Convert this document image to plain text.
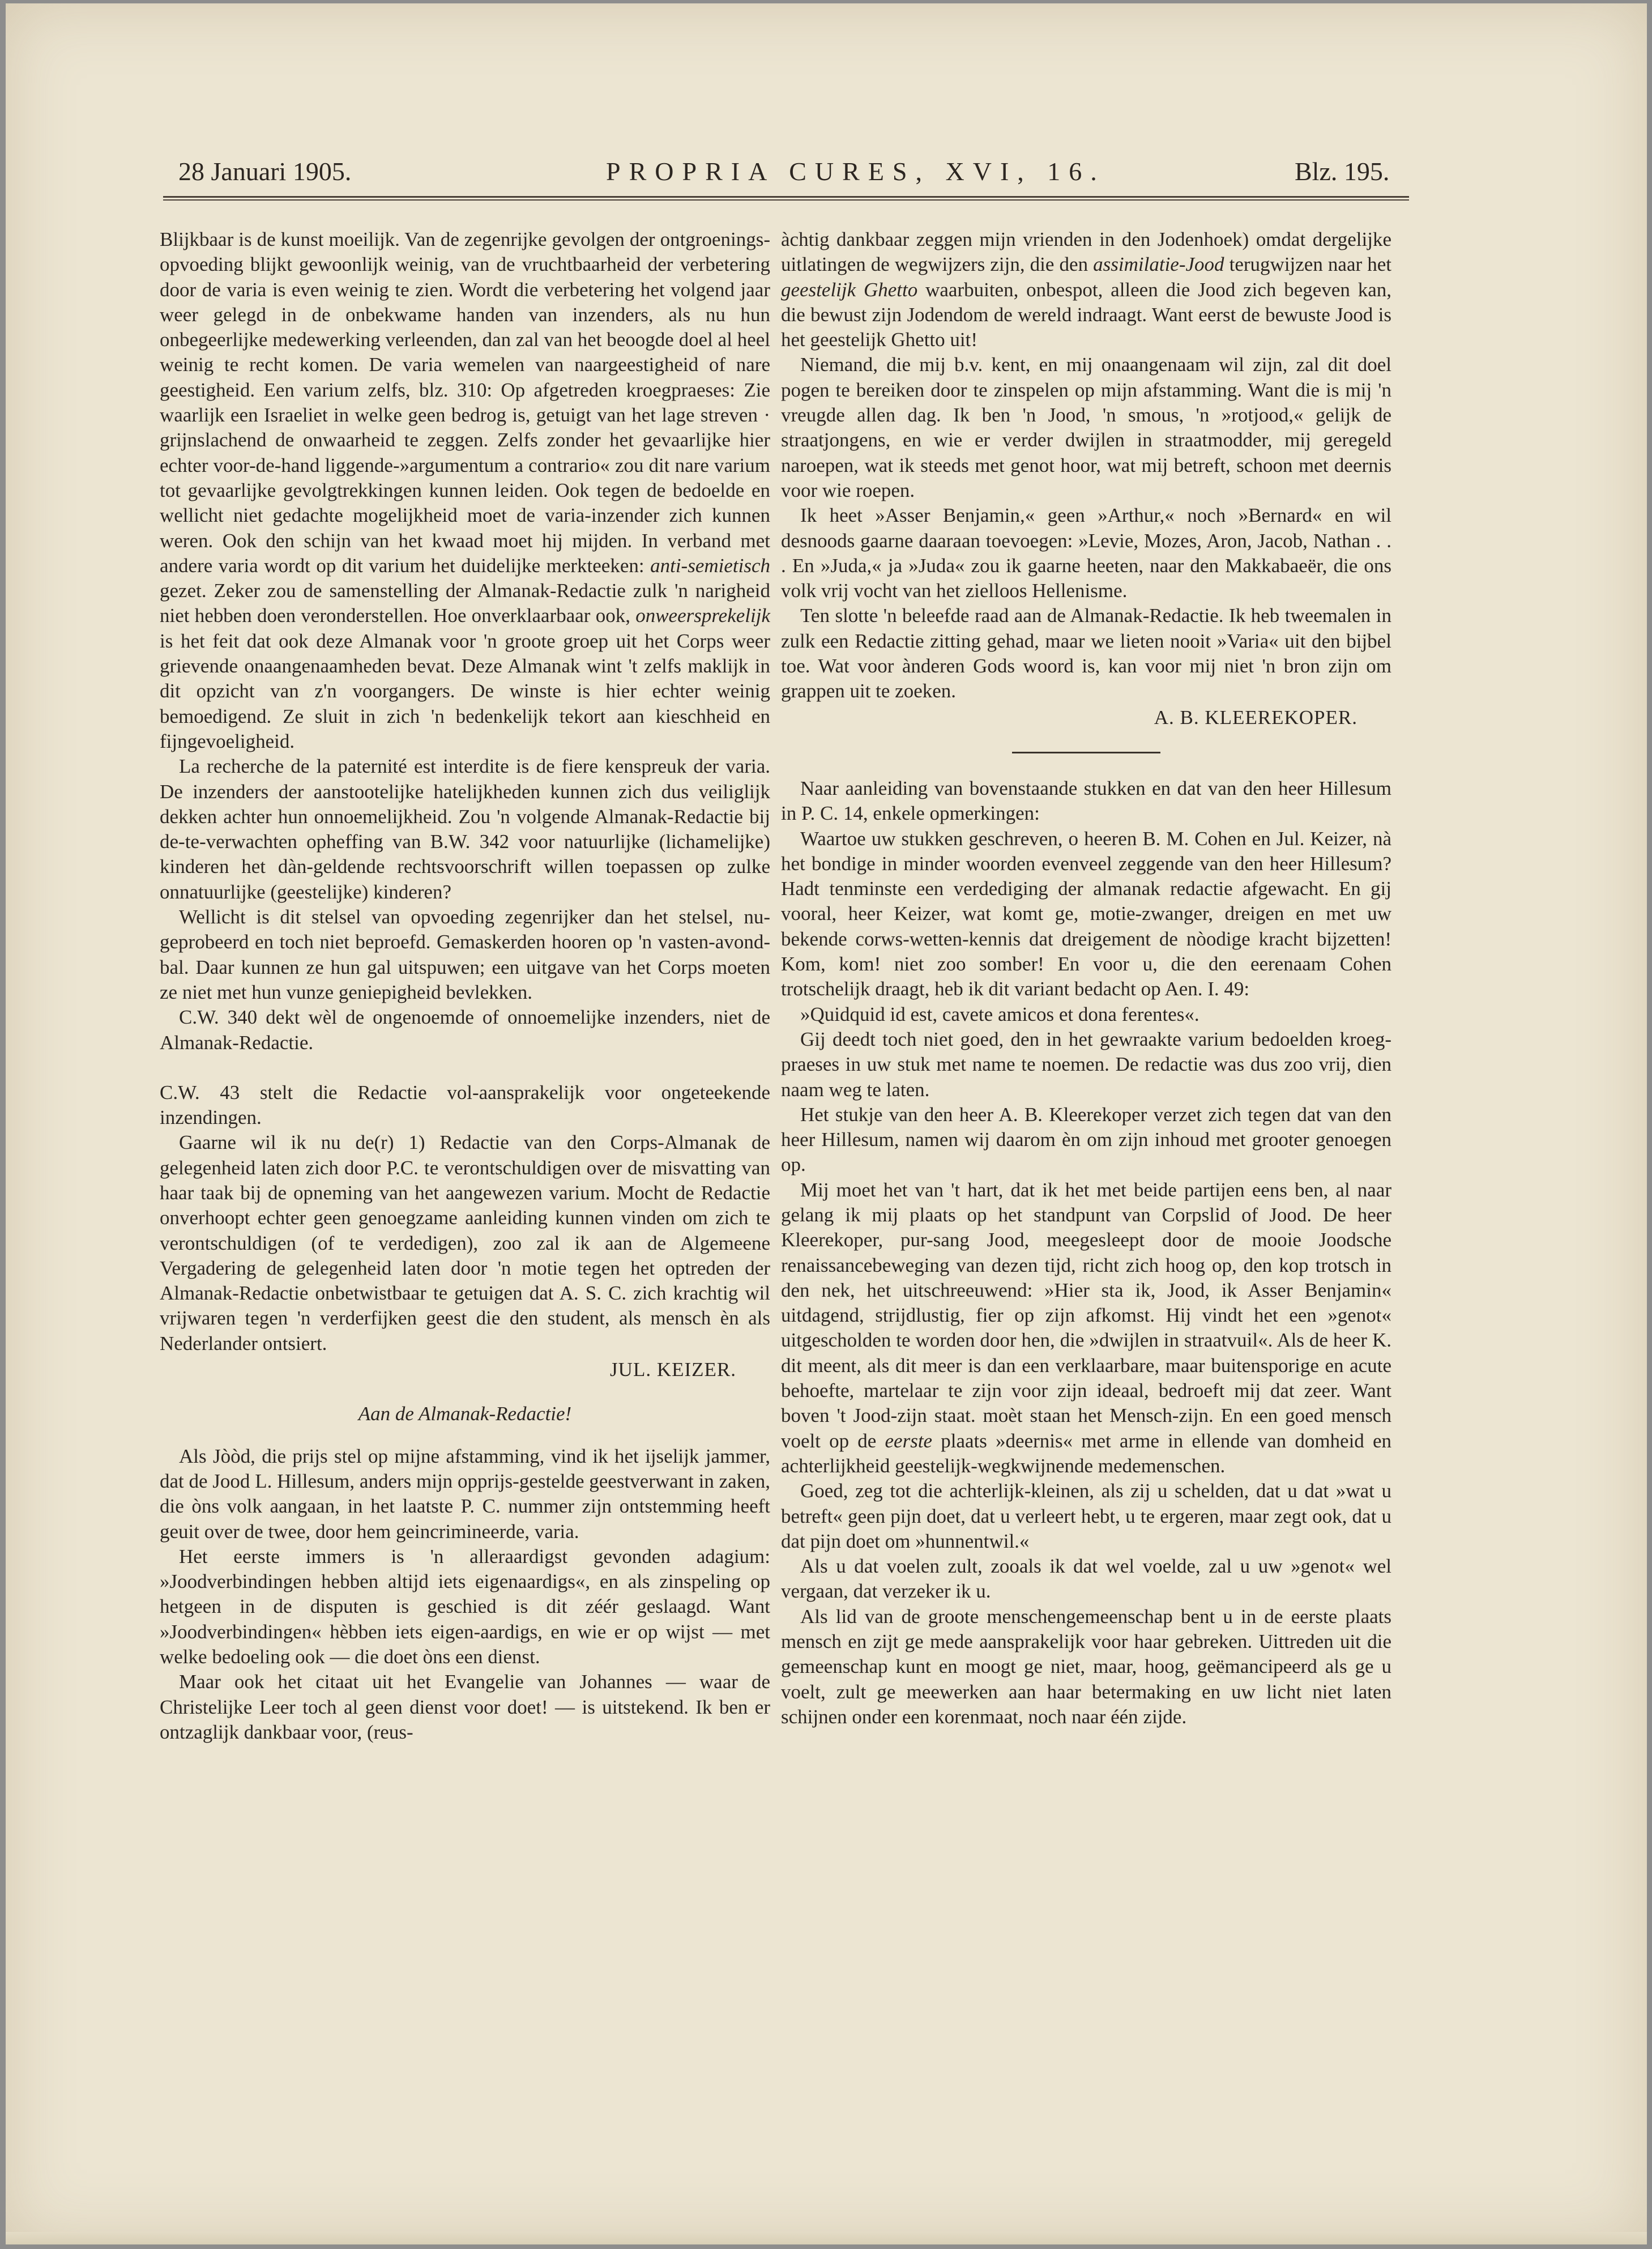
28 Januari 1905.	PROPRIA CURES, XVI, 16.	Blz. 195.

Blijkbaar is de kunst moeilijk. Van de zegenrijke gevolgen der ontgroenings-opvoeding blijkt gewoonlijk weinig, van de vruchtbaarheid der verbetering door de varia is even weinig te zien. Wordt die verbetering het volgend jaar weer gelegd in de onbekwame handen van inzenders, als nu hun onbegeerlijke medewerking verleenden, dan zal van het beoogde doel al heel weinig te recht komen. De varia wemelen van naargeestigheid of nare geestigheid. Een varium zelfs, blz. 310: Op afgetreden kroegpraeses: Zie waarlijk een Israeliet in welke geen bedrog is, getuigt van het lage streven · grijnslachend de onwaarheid te zeggen. Zelfs zonder het gevaarlijke hier echter voor-de-hand liggende-»argumentum a contrario« zou dit nare varium tot gevaarlijke gevolgtrekkingen kunnen leiden. Ook tegen de bedoelde en wellicht niet gedachte mogelijkheid moet de varia-inzender zich kunnen weren. Ook den schijn van het kwaad moet hij mijden. In verband met andere varia wordt op dit varium het duidelijke merkteeken: anti-semietisch gezet. Zeker zou de samenstelling der Almanak-Redactie zulk 'n narigheid niet hebben doen veronderstellen. Hoe onverklaarbaar ook, onweersprekelijk is het feit dat ook deze Almanak voor 'n groote groep uit het Corps weer grievende onaangenaamheden bevat. Deze Almanak wint 't zelfs maklijk in dit opzicht van z'n voorgangers. De winste is hier echter weinig bemoedigend. Ze sluit in zich 'n bedenkelijk tekort aan kieschheid en fijngevoeligheid.

La recherche de la paternité est interdite is de fiere kenspreuk der varia. De inzenders der aanstootelijke hatelijkheden kunnen zich dus veiliglijk dekken achter hun onnoemelijkheid. Zou 'n volgende Almanak-Redactie bij de-te-verwachten opheffing van B.W. 342 voor natuurlijke (lichamelijke) kinderen het dàn-geldende rechtsvoorschrift willen toepassen op zulke onnatuurlijke (geestelijke) kinderen?

Wellicht is dit stelsel van opvoeding zegenrijker dan het stelsel, nu-geprobeerd en toch niet beproefd. Gemaskerden hooren op 'n vasten-avond-bal. Daar kunnen ze hun gal uitspuwen; een uitgave van het Corps moeten ze niet met hun vunze geniepigheid bevlekken.

C.W. 340 dekt wèl de ongenoemde of onnoemelijke inzenders, niet de Almanak-Redactie.

C.W. 43 stelt die Redactie vol-aansprakelijk voor ongeteekende inzendingen.

Gaarne wil ik nu de(r) 1) Redactie van den Corps-Almanak de gelegenheid laten zich door P.C. te verontschuldigen over de misvatting van haar taak bij de opneming van het aangewezen varium. Mocht de Redactie onverhoopt echter geen genoegzame aanleiding kunnen vinden om zich te verontschuldigen (of te verdedigen), zoo zal ik aan de Algemeene Vergadering de gelegenheid laten door 'n motie tegen het optreden der Almanak-Redactie onbetwistbaar te getuigen dat A. S. C. zich krachtig wil vrijwaren tegen 'n verderfijken geest die den student, als mensch èn als Nederlander ontsiert.

JUL. KEIZER.
Aan de Almanak-Redactie!

Als Jòòd, die prijs stel op mijne afstamming, vind ik het ijselijk jammer, dat de Jood L. Hillesum, anders mijn opprijs-gestelde geestverwant in zaken, die òns volk aangaan, in het laatste P. C. nummer zijn ontstemming heeft geuit over de twee, door hem geincrimineerde, varia.

Het eerste immers is 'n alleraardigst gevonden adagium: »Joodverbindingen hebben altijd iets eigenaardigs«, en als zinspeling op hetgeen in de disputen is geschied is dit zéér geslaagd. Want »Joodverbindingen« hèbben iets eigen-aardigs, en wie er op wijst — met welke bedoeling ook — die doet òns een dienst.

Maar ook het citaat uit het Evangelie van Johannes — waar de Christelijke Leer toch al geen dienst voor doet! — is uitstekend. Ik ben er ontzaglijk dankbaar voor, (reus-

àchtig dankbaar zeggen mijn vrienden in den Jodenhoek) omdat dergelijke uitlatingen de wegwijzers zijn, die den assimilatie-Jood terugwijzen naar het geestelijk Ghetto waarbuiten, onbespot, alleen die Jood zich begeven kan, die bewust zijn Jodendom de wereld indraagt. Want eerst de bewuste Jood is het geestelijk Ghetto uit!

Niemand, die mij b.v. kent, en mij onaangenaam wil zijn, zal dit doel pogen te bereiken door te zinspelen op mijn afstamming. Want die is mij 'n vreugde allen dag. Ik ben 'n Jood, 'n smous, 'n »rotjood,« gelijk de straatjongens, en wie er verder dwijlen in straatmodder, mij geregeld naroepen, wat ik steeds met genot hoor, wat mij betreft, schoon met deernis voor wie roepen.

Ik heet »Asser Benjamin,« geen »Arthur,« noch »Bernard« en wil desnoods gaarne daaraan toevoegen: »Levie, Mozes, Aron, Jacob, Nathan . . . En »Juda,« ja »Juda« zou ik gaarne heeten, naar den Makkabaeër, die ons volk vrij vocht van het zielloos Hellenisme.

Ten slotte 'n beleefde raad aan de Almanak-Redactie. Ik heb tweemalen in zulk een Redactie zitting gehad, maar we lieten nooit »Varia« uit den bijbel toe. Wat voor ànderen Gods woord is, kan voor mij niet 'n bron zijn om grappen uit te zoeken.

A. B. KLEEREKOPER.

Naar aanleiding van bovenstaande stukken en dat van den heer Hillesum in P. C. 14, enkele opmerkingen:

Waartoe uw stukken geschreven, o heeren B. M. Cohen en Jul. Keizer, nà het bondige in minder woorden evenveel zeggende van den heer Hillesum? Hadt tenminste een verdediging der almanak redactie afgewacht. En gij vooral, heer Keizer, wat komt ge, motie-zwanger, dreigen en met uw bekende corws-wetten-kennis dat dreigement de nòodige kracht bijzetten! Kom, kom! niet zoo somber! En voor u, die den eerenaam Cohen trotschelijk draagt, heb ik dit variant bedacht op Aen. I. 49:

»Quidquid id est, cavete amicos et dona ferentes«.

Gij deedt toch niet goed, den in het gewraakte varium bedoelden kroeg-praeses in uw stuk met name te noemen. De redactie was dus zoo vrij, dien naam weg te laten.

Het stukje van den heer A. B. Kleerekoper verzet zich tegen dat van den heer Hillesum, namen wij daarom èn om zijn inhoud met grooter genoegen op.

Mij moet het van 't hart, dat ik het met beide partijen eens ben, al naar gelang ik mij plaats op het standpunt van Corpslid of Jood. De heer Kleerekoper, pur-sang Jood, meegesleept door de mooie Joodsche renaissancebeweging van dezen tijd, richt zich hoog op, den kop trotsch in den nek, het uitschreeuwend: »Hier sta ik, Jood, ik Asser Benjamin« uitdagend, strijdlustig, fier op zijn afkomst. Hij vindt het een »genot« uitgescholden te worden door hen, die »dwijlen in straatvuil«. Als de heer K. dit meent, als dit meer is dan een verklaarbare, maar buitensporige en acute behoefte, martelaar te zijn voor zijn ideaal, bedroeft mij dat zeer. Want boven 't Jood-zijn staat. moèt staan het Mensch-zijn. En een goed mensch voelt op de eerste plaats »deernis« met arme in ellende van domheid en achterlijkheid geestelijk-wegkwijnende medemenschen.

Goed, zeg tot die achterlijk-kleinen, als zij u schelden, dat u dat »wat u betreft« geen pijn doet, dat u verleert hebt, u te ergeren, maar zegt ook, dat u dat pijn doet om »hunnentwil.«

Als u dat voelen zult, zooals ik dat wel voelde, zal u uw »genot« wel vergaan, dat verzeker ik u.

Als lid van de groote menschengemeenschap bent u in de eerste plaats mensch en zijt ge mede aansprakelijk voor haar gebreken. Uittreden uit die gemeenschap kunt en moogt ge niet, maar, hoog, geëmancipeerd als ge u voelt, zult ge meewerken aan haar betermaking en uw licht niet laten schijnen onder een korenmaat, noch naar één zijde.
